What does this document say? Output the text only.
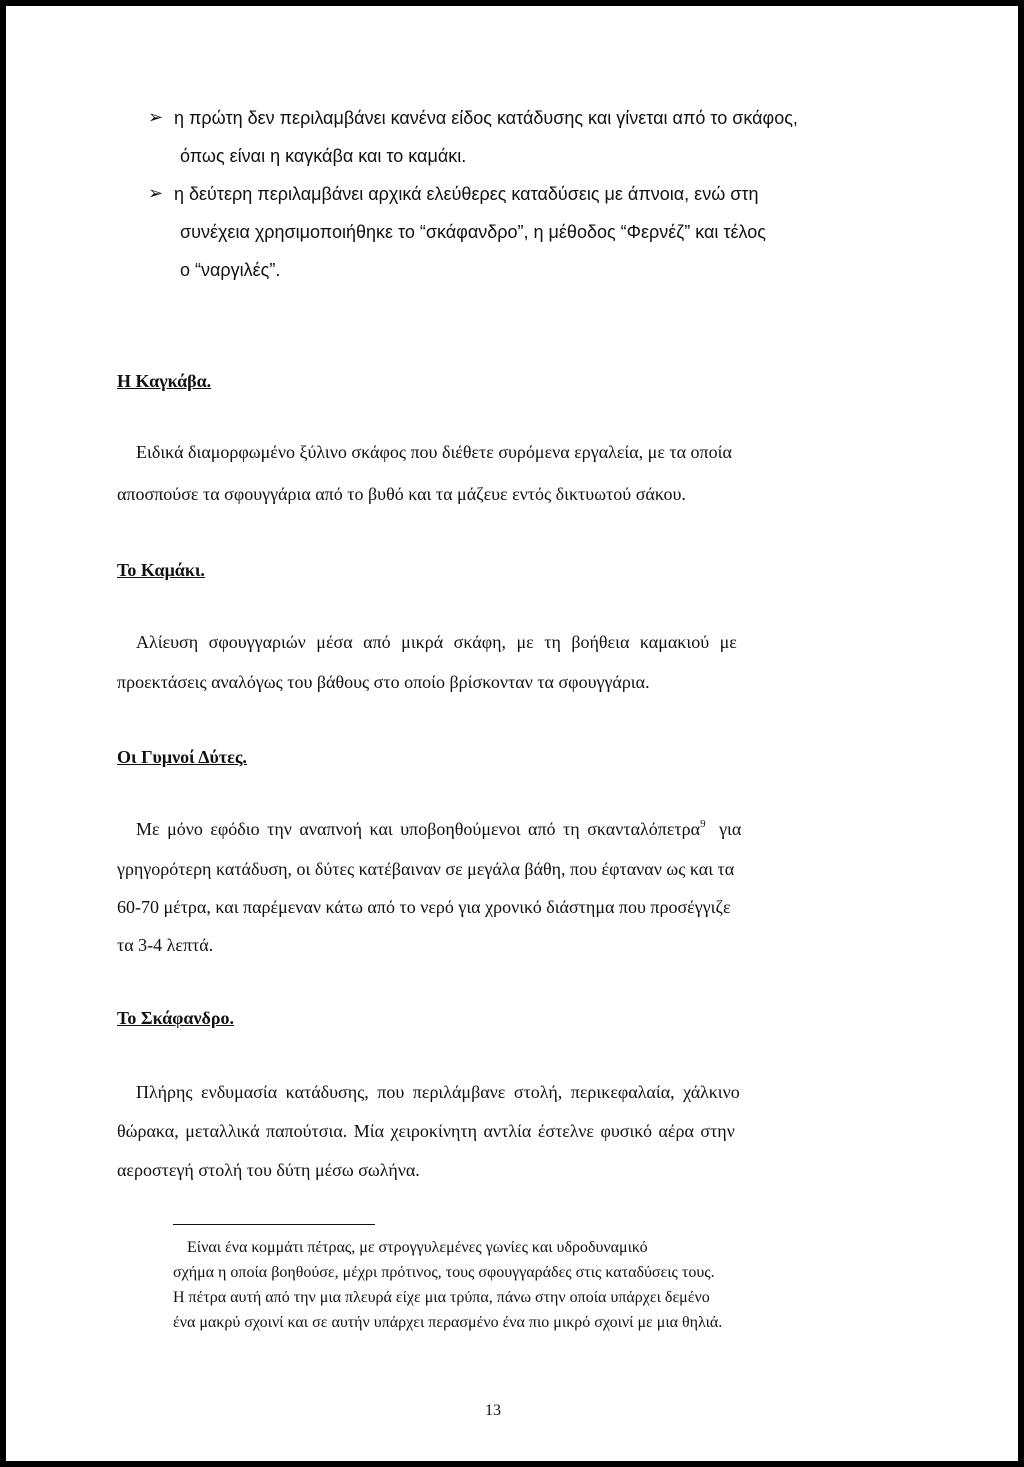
➢ η πρώτη δεν περιλαμβάνει κανένα είδος κατάδυσης και γίνεται από το σκάφος,
όπως είναι η καγκάβα και το καμάκι.
➢ η δεύτερη περιλαμβάνει αρχικά ελεύθερες καταδύσεις με άπνοια, ενώ στη
συνέχεια χρησιμοποιήθηκε το “σκάφανδρο”, η μέθοδος “Φερνέζ” και τέλος
ο “ναργιλές”.
Η Καγκάβα.
Ειδικά διαμορφωμένο ξύλινο σκάφος που διέθετε συρόμενα εργαλεία, με τα οποία
αποσπούσε τα σφουγγάρια από το βυθό και τα μάζευε εντός δικτυωτού σάκου.
Το Καμάκι.
Αλίευση σφουγγαριών μέσα από μικρά σκάφη, με τη βοήθεια καμακιού με
προεκτάσεις αναλόγως του βάθους στο οποίο βρίσκονταν τα σφουγγάρια.
Οι Γυμνοί Δύτες.
Με μόνο εφόδιο την αναπνοή και υποβοηθούμενοι από τη σκανταλόπετρα$^9$ για
γρηγορότερη κατάδυση, οι δύτες κατέβαιναν σε μεγάλα βάθη, που έφταναν ως και τα
60-70 μέτρα, και παρέμεναν κάτω από το νερό για χρονικό διάστημα που προσέγγιζε
τα 3-4 λεπτά.
Το Σκάφανδρο.
Πλήρης ενδυμασία κατάδυσης, που περιλάμβανε στολή, περικεφαλαία, χάλκινο
θώρακα, μεταλλικά παπούτσια. Μία χειροκίνητη αντλία έστελνε φυσικό αέρα στην
αεροστεγή στολή του δύτη μέσω σωλήνα.
Είναι ένα κομμάτι πέτρας, με στρογγυλεμένες γωνίες και υδροδυναμικό
σχήμα η οποία βοηθούσε, μέχρι πρότινος, τους σφουγγαράδες στις καταδύσεις τους.
Η πέτρα αυτή από την μια πλευρά είχε μια τρύπα, πάνω στην οποία υπάρχει δεμένο
ένα μακρύ σχοινί και σε αυτήν υπάρχει περασμένο ένα πιο μικρό σχοινί με μια θηλιά.
13
